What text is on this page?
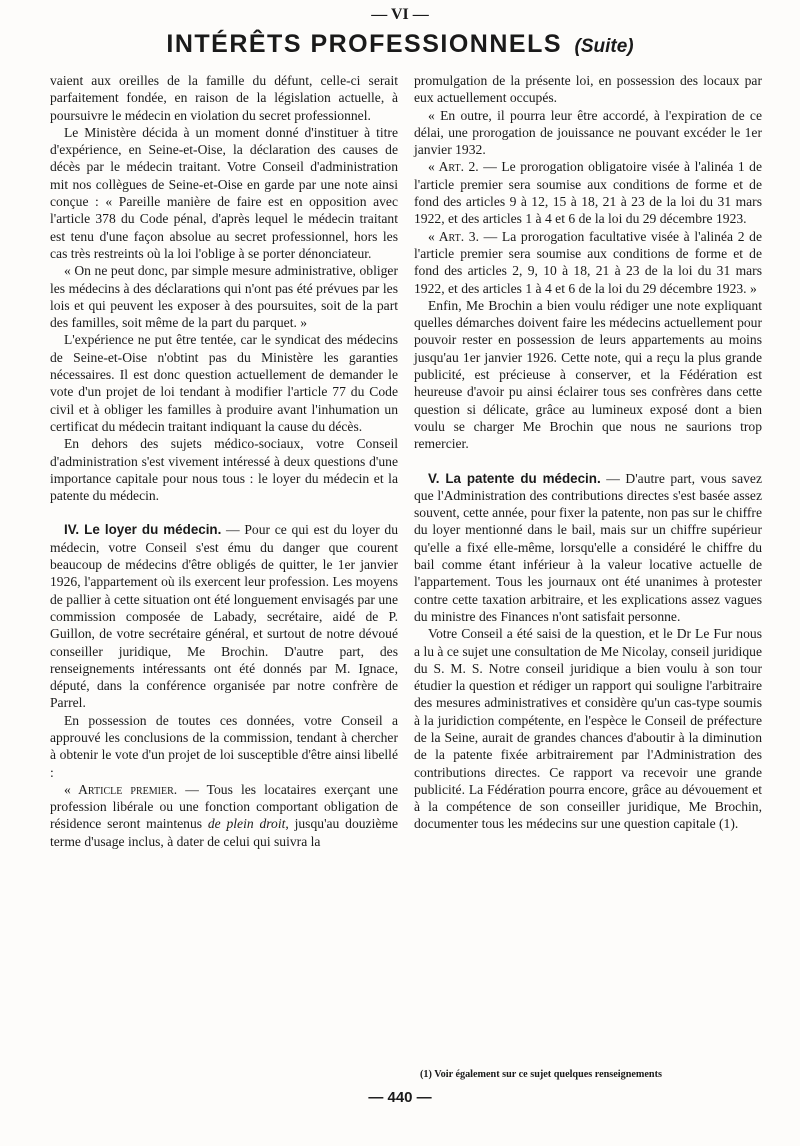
— VI —
INTÉRÊTS PROFESSIONNELS (Suite)

vaient aux oreilles de la famille du défunt, celle-ci serait parfaitement fondée, en raison de la législation actuelle, à poursuivre le médecin en violation du secret professionnel.

Le Ministère décida à un moment donné d'instituer à titre d'expérience, en Seine-et-Oise, la déclaration des causes de décès par le médecin traitant. Votre Conseil d'administration mit nos collègues de Seine-et-Oise en garde par une note ainsi conçue : « Pareille manière de faire est en opposition avec l'article 378 du Code pénal, d'après lequel le médecin traitant est tenu d'une façon absolue au secret professionnel, hors les cas très restreints où la loi l'oblige à se porter dénonciateur.

« On ne peut donc, par simple mesure administrative, obliger les médecins à des déclarations qui n'ont pas été prévues par les lois et qui peuvent les exposer à des poursuites, soit de la part des familles, soit même de la part du parquet. »

L'expérience ne put être tentée, car le syndicat des médecins de Seine-et-Oise n'obtint pas du Ministère les garanties nécessaires. Il est donc question actuellement de demander le vote d'un projet de loi tendant à modifier l'article 77 du Code civil et à obliger les familles à produire avant l'inhumation un certificat du médecin traitant indiquant la cause du décès.

En dehors des sujets médico-sociaux, votre Conseil d'administration s'est vivement intéressé à deux questions d'une importance capitale pour nous tous : le loyer du médecin et la patente du médecin.

IV. Le loyer du médecin. — Pour ce qui est du loyer du médecin, votre Conseil s'est ému du danger que courent beaucoup de médecins d'être obligés de quitter, le 1er janvier 1926, l'appartement où ils exercent leur profession. Les moyens de pallier à cette situation ont été longuement envisagés par une commission composée de Labady, secrétaire, aidé de P. Guillon, de votre secrétaire général, et surtout de notre dévoué conseiller juridique, Me Brochin. D'autre part, des renseignements intéressants ont été donnés par M. Ignace, député, dans la conférence organisée par notre confrère de Parrel.

En possession de toutes ces données, votre Conseil a approuvé les conclusions de la commission, tendant à chercher à obtenir le vote d'un projet de loi susceptible d'être ainsi libellé :

« Article premier. — Tous les locataires exerçant une profession libérale ou une fonction comportant obligation de résidence seront maintenus de plein droit, jusqu'au douzième terme d'usage inclus, à dater de celui qui suivra la

promulgation de la présente loi, en possession des locaux par eux actuellement occupés.

« En outre, il pourra leur être accordé, à l'expiration de ce délai, une prorogation de jouissance ne pouvant excéder le 1er janvier 1932.

« Art. 2. — Le prorogation obligatoire visée à l'alinéa 1 de l'article premier sera soumise aux conditions de forme et de fond des articles 9 à 12, 15 à 18, 21 à 23 de la loi du 31 mars 1922, et des articles 1 à 4 et 6 de la loi du 29 décembre 1923.

« Art. 3. — La prorogation facultative visée à l'alinéa 2 de l'article premier sera soumise aux conditions de forme et de fond des articles 2, 9, 10 à 18, 21 à 23 de la loi du 31 mars 1922, et des articles 1 à 4 et 6 de la loi du 29 décembre 1923. »

Enfin, Me Brochin a bien voulu rédiger une note expliquant quelles démarches doivent faire les médecins actuellement pour pouvoir rester en possession de leurs appartements au moins jusqu'au 1er janvier 1926. Cette note, qui a reçu la plus grande publicité, est précieuse à conserver, et la Fédération est heureuse d'avoir pu ainsi éclairer tous ses confrères dans cette question si délicate, grâce au lumineux exposé dont a bien voulu se charger Me Brochin que nous ne saurions trop remercier.

V. La patente du médecin. — D'autre part, vous savez que l'Administration des contributions directes s'est basée assez souvent, cette année, pour fixer la patente, non pas sur le chiffre du loyer mentionné dans le bail, mais sur un chiffre supérieur qu'elle a fixé elle-même, lorsqu'elle a considéré le chiffre du bail comme étant inférieur à la valeur locative actuelle de l'appartement. Tous les journaux ont été unanimes à protester contre cette taxation arbitraire, et les explications assez vagues du ministre des Finances n'ont satisfait personne.

Votre Conseil a été saisi de la question, et le Dr Le Fur nous a lu à ce sujet une consultation de Me Nicolay, conseil juridique du S. M. S. Notre conseil juridique a bien voulu à son tour étudier la question et rédiger un rapport qui souligne l'arbitraire des mesures administratives et considère qu'un cas-type soumis à la juridiction compétente, en l'espèce le Conseil de préfecture de la Seine, aurait de grandes chances d'aboutir à la diminution de la patente fixée arbitrairement par l'Administration des contributions directes. Ce rapport va recevoir une grande publicité. La Fédération pourra encore, grâce au dévouement et à la compétence de son conseiller juridique, Me Brochin, documenter tous les médecins sur une question capitale (1).

(1) Voir également sur ce sujet quelques renseignements
— 440 —
